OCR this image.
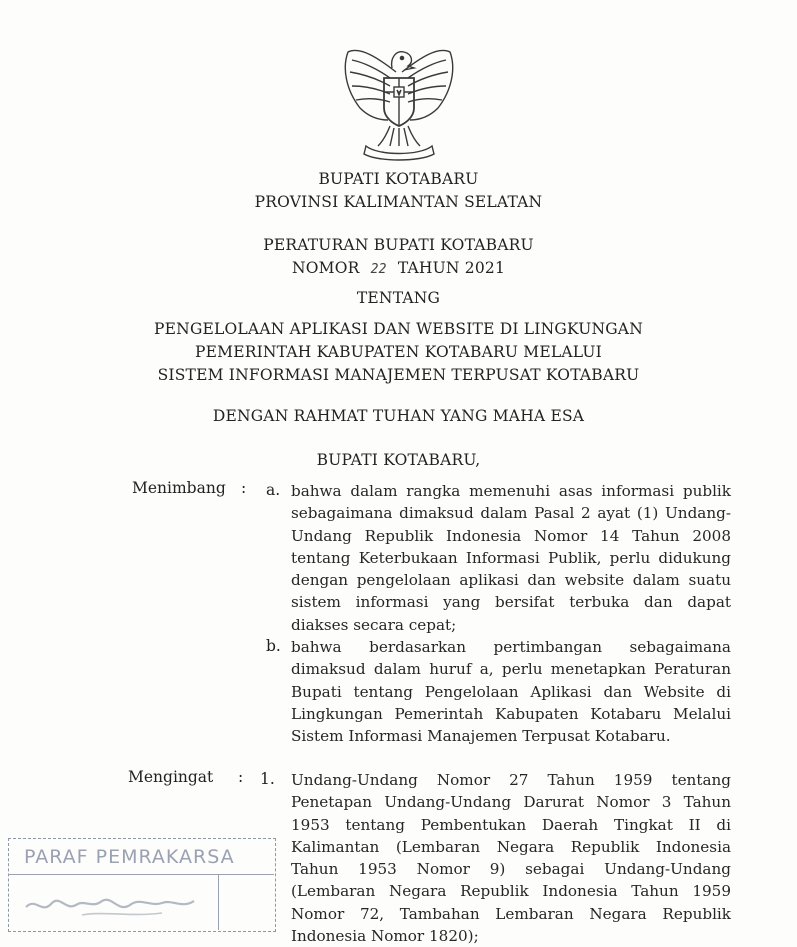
BUPATI KOTABARU
PROVINSI KALIMANTAN SELATAN
PERATURAN BUPATI KOTABARU
NOMOR 22 TAHUN 2021
TENTANG
PENGELOLAAN APLIKASI DAN WEBSITE DI LINGKUNGAN
PEMERINTAH KABUPATEN KOTABARU MELALUI
SISTEM INFORMASI MANAJEMEN TERPUSAT KOTABARU
DENGAN RAHMAT TUHAN YANG MAHA ESA
BUPATI KOTABARU,
Menimbang : a. bahwa dalam rangka memenuhi asas informasi publik sebagaimana dimaksud dalam Pasal 2 ayat (1) Undang-Undang Republik Indonesia Nomor 14 Tahun 2008 tentang Keterbukaan Informasi Publik, perlu didukung dengan pengelolaan aplikasi dan website dalam suatu sistem informasi yang bersifat terbuka dan dapat diakses secara cepat;
b. bahwa berdasarkan pertimbangan sebagaimana dimaksud dalam huruf a, perlu menetapkan Peraturan Bupati tentang Pengelolaan Aplikasi dan Website di Lingkungan Pemerintah Kabupaten Kotabaru Melalui Sistem Informasi Manajemen Terpusat Kotabaru.
Mengingat : 1. Undang-Undang Nomor 27 Tahun 1959 tentang Penetapan Undang-Undang Darurat Nomor 3 Tahun 1953 tentang Pembentukan Daerah Tingkat II di Kalimantan (Lembaran Negara Republik Indonesia Tahun 1953 Nomor 9) sebagai Undang-Undang (Lembaran Negara Republik Indonesia Tahun 1959 Nomor 72, Tambahan Lembaran Negara Republik Indonesia Nomor 1820);
PARAF PEMRAKARSA
